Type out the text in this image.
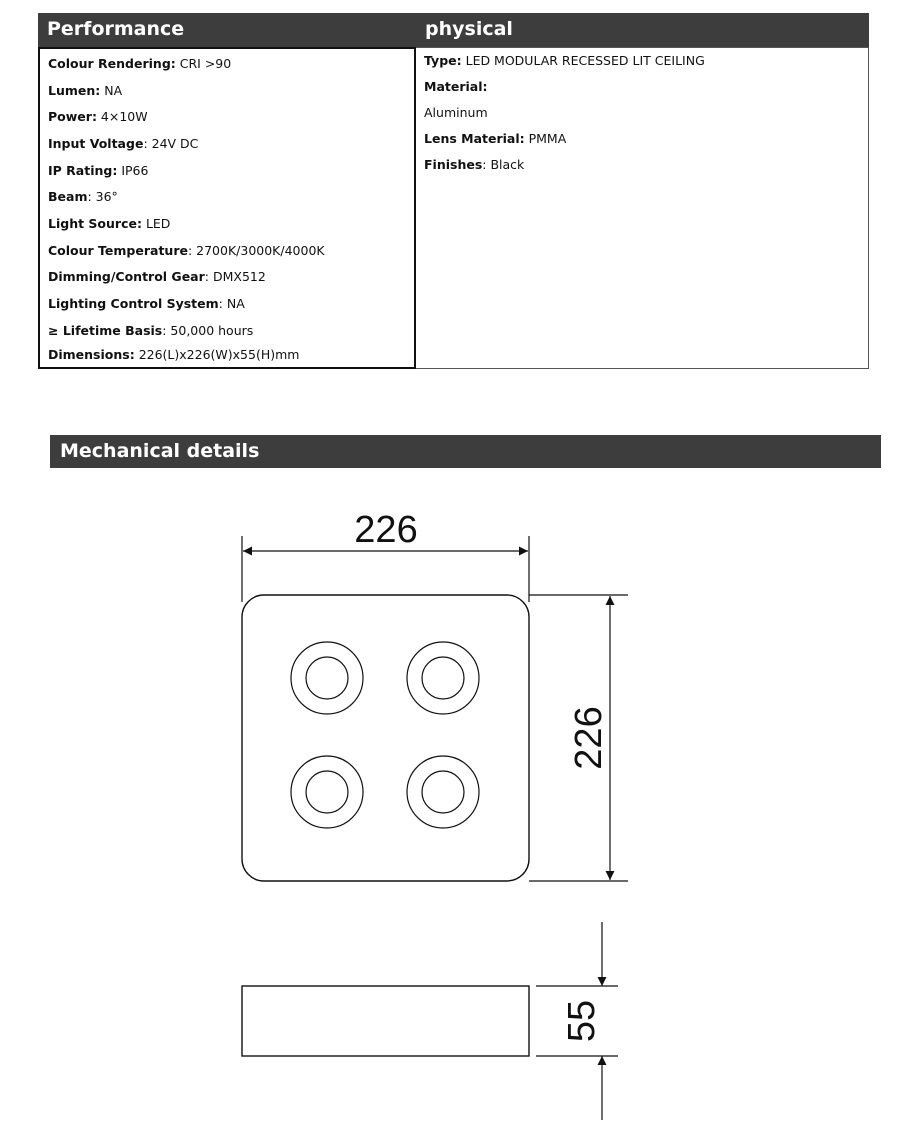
Performance
Colour Rendering: CRI >90
Lumen: NA
Power: 4×10W
Input Voltage: 24V DC
IP Rating: IP66
Beam: 36°
Light Source: LED
Colour Temperature: 2700K/3000K/4000K
Dimming/Control Gear: DMX512
Lighting Control System: NA
≥ Lifetime Basis: 50,000 hours
Dimensions: 226(L)x226(W)x55(H)mm
physical
Type: LED MODULAR RECESSED LIT CEILING
Material:
Aluminum
Lens Material: PMMA
Finishes: Black
Mechanical details
226
226
55
